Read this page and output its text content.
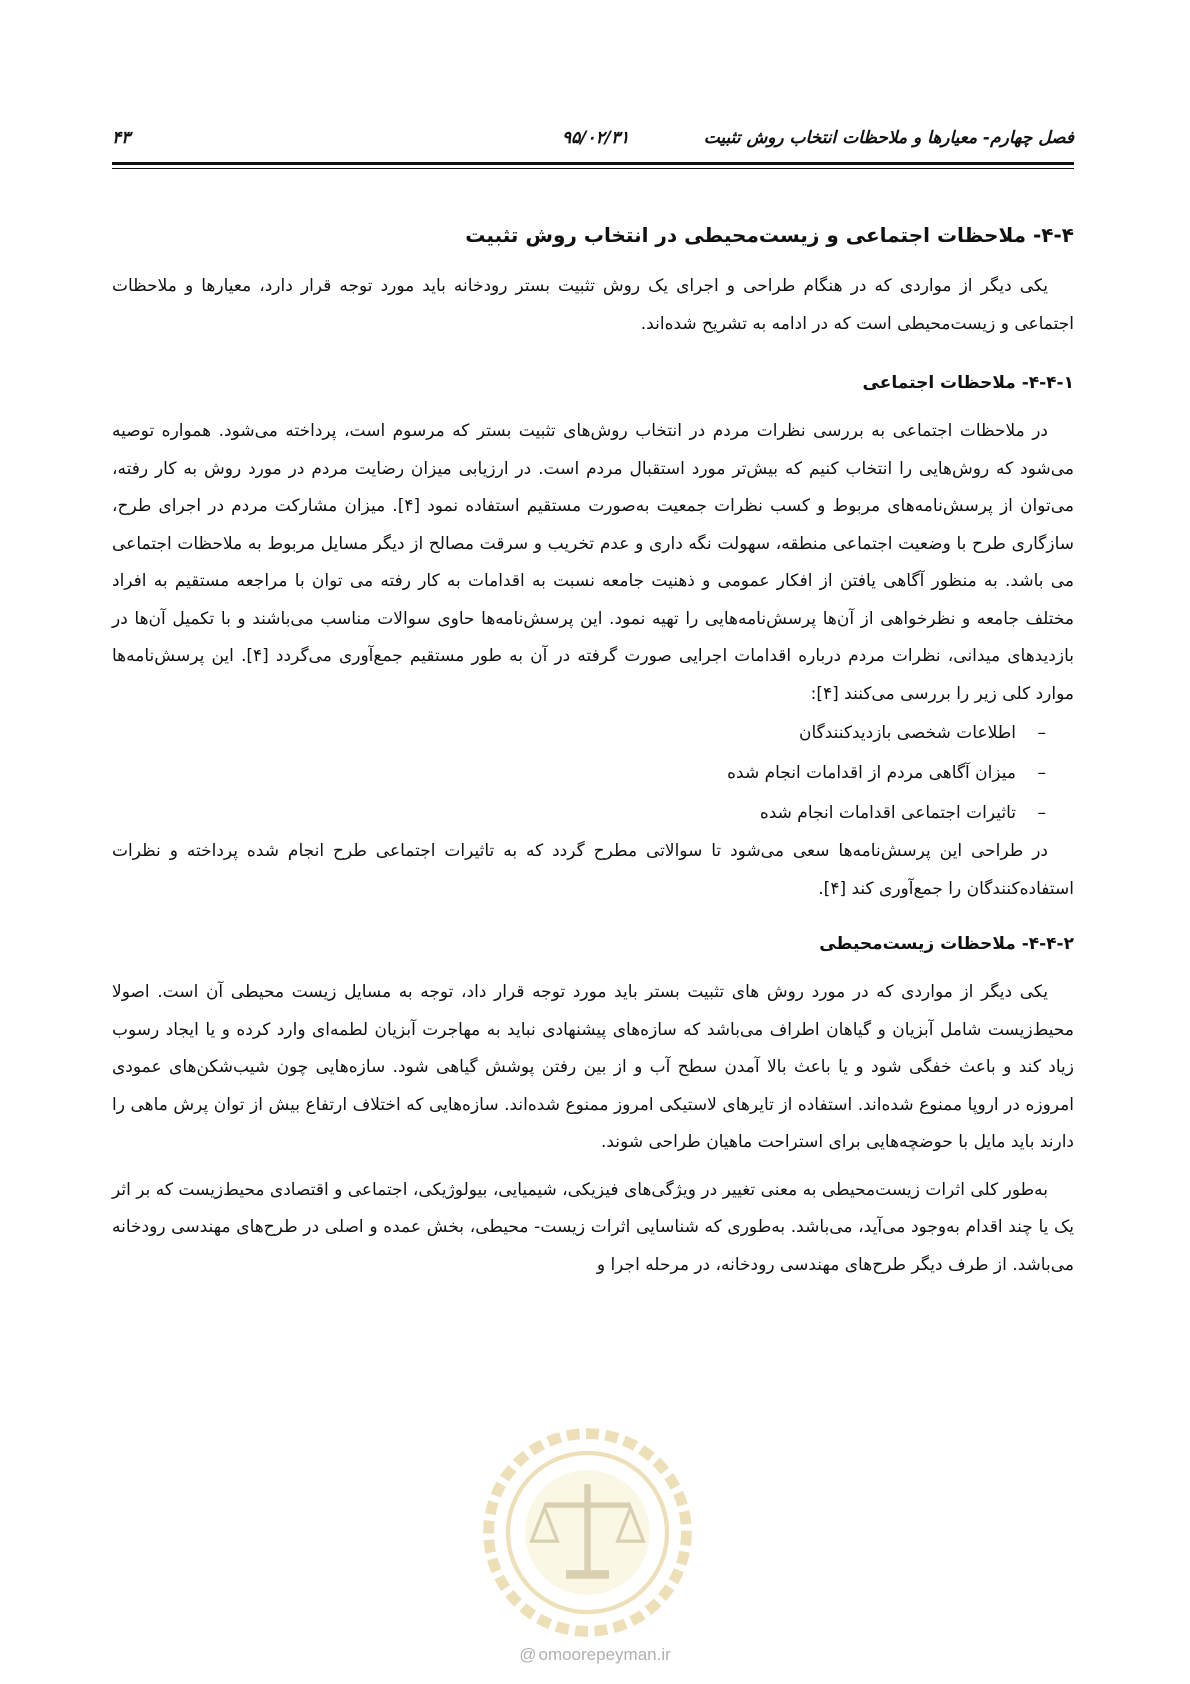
فصل چهارم- معیارها و ملاحظات انتخاب روش تثبیت
۹۵/۰۲/۳۱
۴۳
۴-۴- ملاحظات اجتماعی و زیست‌محیطی در انتخاب روش تثبیت

یکی دیگر از مواردی که در هنگام طراحی و اجرای یک روش تثبیت بستر رودخانه باید مورد توجه قرار دارد، معیارها و ملاحظات اجتماعی و زیست‌محیطی است که در ادامه به تشریح شده‌اند.

۴-۴-۱- ملاحظات اجتماعی

در ملاحظات اجتماعی به بررسی نظرات مردم در انتخاب روش‌های تثبیت بستر که مرسوم است، پرداخته می‌شود. همواره توصیه می‌شود که روش‌هایی را انتخاب کنیم که بیش‌تر مورد استقبال مردم است. در ارزیابی میزان رضایت مردم در مورد روش به کار رفته، می‌توان از پرسش‌نامه‌های مربوط و کسب نظرات جمعیت به‌صورت مستقیم استفاده نمود [۴]. میزان مشارکت مردم در اجرای طرح، سازگاری طرح با وضعیت اجتماعی منطقه، سهولت نگه داری و عدم تخریب و سرقت مصالح از دیگر مسایل مربوط به ملاحظات اجتماعی می باشد. به منظور آگاهی یافتن از افکار عمومی و ذهنیت جامعه نسبت به اقدامات به کار رفته می توان با مراجعه مستقیم به افراد مختلف جامعه و نظرخواهی از آن‌ها پرسش‌نامه‌هایی را تهیه نمود. این پرسش‌نامه‌ها حاوی سوالات مناسب می‌باشند و با تکمیل آن‌ها در بازدیدهای میدانی، نظرات مردم درباره اقدامات اجرایی صورت گرفته در آن به طور مستقیم جمع‌آوری می‌گردد [۴]. این پرسش‌نامه‌ها موارد کلی زیر را بررسی می‌کنند [۴]:

–اطلاعات شخصی بازدیدکنندگان
–میزان آگاهی مردم از اقدامات انجام شده
–تاثیرات اجتماعی اقدامات انجام شده

در طراحی این پرسش‌نامه‌ها سعی می‌شود تا سوالاتی مطرح گردد که به تاثیرات اجتماعی طرح انجام شده پرداخته و نظرات استفاده‌کنندگان را جمع‌آوری کند [۴].

۴-۴-۲- ملاحظات زیست‌محیطی

یکی دیگر از مواردی که در مورد روش های تثبیت بستر باید مورد توجه قرار داد، توجه به مسایل زیست محیطی آن است. اصولا محیط‌زیست شامل آبزیان و گیاهان اطراف می‌باشد که سازه‌های پیشنهادی نباید به مهاجرت آبزیان لطمه‌ای وارد کرده و یا ایجاد رسوب زیاد کند و باعث خفگی شود و یا باعث بالا آمدن سطح آب و از بین رفتن پوشش گیاهی شود. سازه‌هایی چون شیب‌شکن‌های عمودی امروزه در اروپا ممنوع شده‌اند. استفاده از تایرهای لاستیکی امروز ممنوع شده‌اند. سازه‌هایی که اختلاف ارتفاع بیش از توان پرش ماهی را دارند باید مایل با حوضچه‌هایی برای استراحت ماهیان طراحی شوند.

به‌طور کلی اثرات زیست‌محیطی به معنی تغییر در ویژگی‌های فیزیکی، شیمیایی، بیولوژیکی، اجتماعی و اقتصادی محیط‌زیست که بر اثر یک یا چند اقدام به‌وجود می‌آید، می‌باشد. به‌طوری که شناسایی اثرات زیست- محیطی، بخش عمده و اصلی در طرح‌های مهندسی رودخانه می‌باشد. از طرف دیگر طرح‌های مهندسی رودخانه، در مرحله اجرا و

@ omoorepeyman.ir
